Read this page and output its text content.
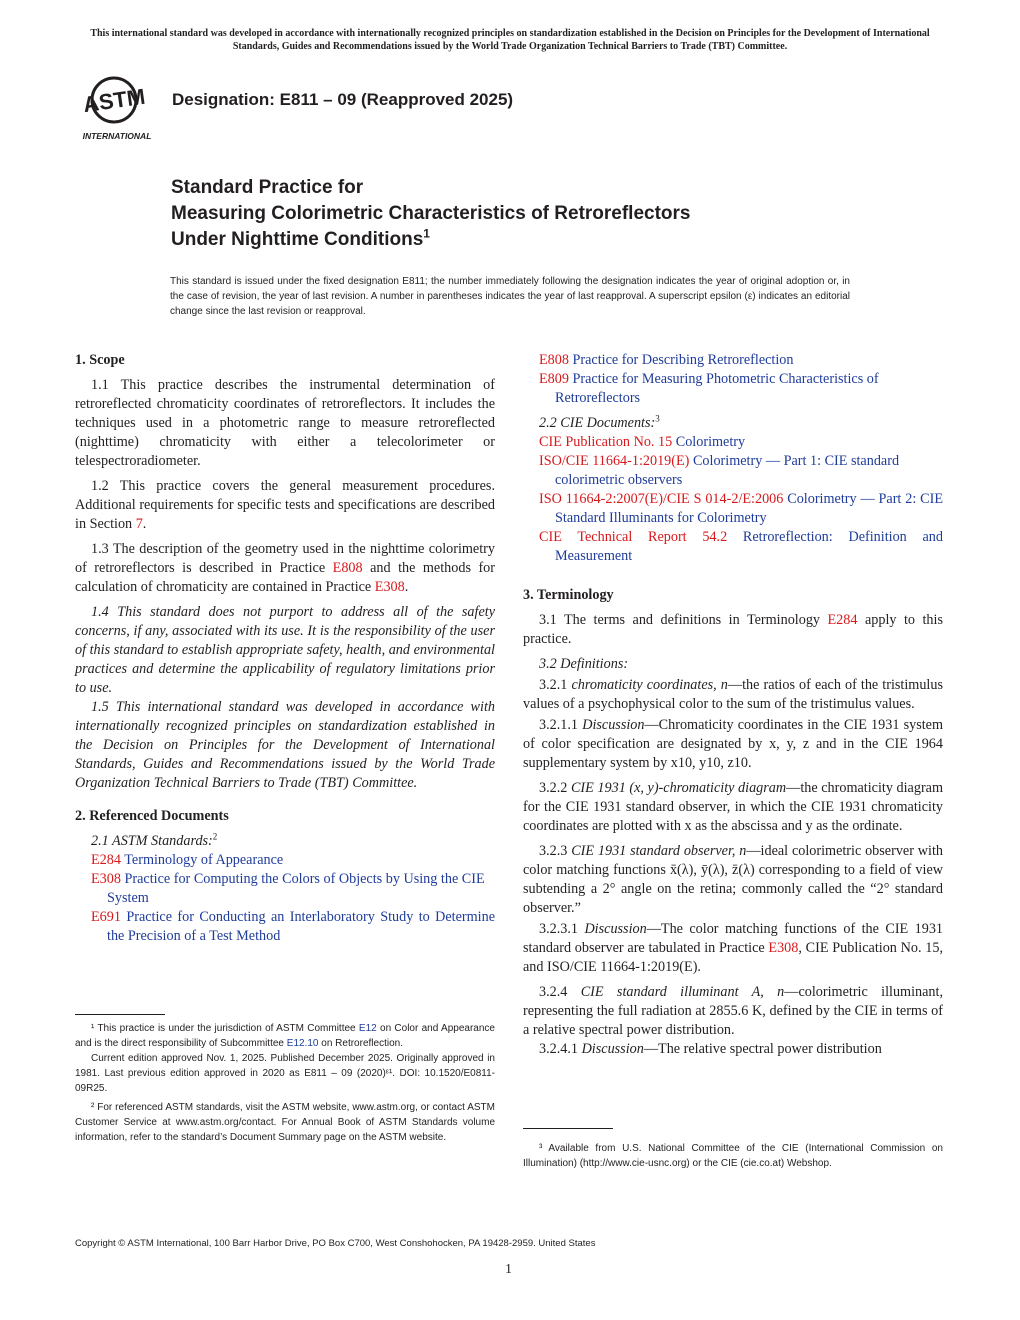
This international standard was developed in accordance with internationally recognized principles on standardization established in the Decision on Principles for the Development of International Standards, Guides and Recommendations issued by the World Trade Organization Technical Barriers to Trade (TBT) Committee.
ASTM
INTERNATIONAL
Designation: E811 – 09 (Reapproved 2025)
Standard Practice for
Measuring Colorimetric Characteristics of Retroreflectors
Under Nighttime Conditions$^1$
This standard is issued under the fixed designation E811; the number immediately following the designation indicates the year of original adoption or, in the case of revision, the year of last revision. A number in parentheses indicates the year of last reapproval. A superscript epsilon (ε) indicates an editorial change since the last revision or reapproval.
1. Scope

1.1 This practice describes the instrumental determination of retroreflected chromaticity coordinates of retroreflectors. It includes the techniques used in a photometric range to measure retroreflected (nighttime) chromaticity with either a telecolorimeter or telespectroradiometer.

1.2 This practice covers the general measurement procedures. Additional requirements for specific tests and specifications are described in Section 7.

1.3 The description of the geometry used in the nighttime colorimetry of retroreflectors is described in Practice E808 and the methods for calculation of chromaticity are contained in Practice E308.

1.4 This standard does not purport to address all of the safety concerns, if any, associated with its use. It is the responsibility of the user of this standard to establish appropriate safety, health, and environmental practices and determine the applicability of regulatory limitations prior to use.

1.5 This international standard was developed in accordance with internationally recognized principles on standardization established in the Decision on Principles for the Development of International Standards, Guides and Recommendations issued by the World Trade Organization Technical Barriers to Trade (TBT) Committee.

2. Referenced Documents

2.1 ASTM Standards:$^2$

E284 Terminology of Appearance

E308 Practice for Computing the Colors of Objects by Using the CIE System

E691 Practice for Conducting an Interlaboratory Study to Determine the Precision of a Test Method

¹ This practice is under the jurisdiction of ASTM Committee E12 on Color and Appearance and is the direct responsibility of Subcommittee E12.10 on Retroreflection.

Current edition approved Nov. 1, 2025. Published December 2025. Originally approved in 1981. Last previous edition approved in 2020 as E811 – 09 (2020)ᵋ¹. DOI: 10.1520/E0811-09R25.

² For referenced ASTM standards, visit the ASTM website, www.astm.org, or contact ASTM Customer Service at www.astm.org/contact. For Annual Book of ASTM Standards volume information, refer to the standard’s Document Summary page on the ASTM website.

E808 Practice for Describing Retroreflection

E809 Practice for Measuring Photometric Characteristics of Retroreflectors

2.2 CIE Documents:$^3$

CIE Publication No. 15 Colorimetry

ISO/CIE 11664-1:2019(E) Colorimetry — Part 1: CIE standard colorimetric observers

ISO 11664-2:2007(E)/CIE S 014-2/E:2006 Colorimetry — Part 2: CIE Standard Illuminants for Colorimetry

CIE Technical Report 54.2 Retroreflection: Definition and Measurement

3. Terminology

3.1 The terms and definitions in Terminology E284 apply to this practice.

3.2 Definitions:

3.2.1 chromaticity coordinates, n—the ratios of each of the tristimulus values of a psychophysical color to the sum of the tristimulus values.

3.2.1.1 Discussion—Chromaticity coordinates in the CIE 1931 system of color specification are designated by x, y, z and in the CIE 1964 supplementary system by x10, y10, z10.

3.2.2 CIE 1931 (x, y)-chromaticity diagram—the chromaticity diagram for the CIE 1931 standard observer, in which the CIE 1931 chromaticity coordinates are plotted with x as the abscissa and y as the ordinate.

3.2.3 CIE 1931 standard observer, n—ideal colorimetric observer with color matching functions x̄(λ), ȳ(λ), z̄(λ) corresponding to a field of view subtending a 2° angle on the retina; commonly called the “2° standard observer.”

3.2.3.1 Discussion—The color matching functions of the CIE 1931 standard observer are tabulated in Practice E308, CIE Publication No. 15, and ISO/CIE 11664-1:2019(E).

3.2.4 CIE standard illuminant A, n—colorimetric illuminant, representing the full radiation at 2855.6 K, defined by the CIE in terms of a relative spectral power distribution.

3.2.4.1 Discussion—The relative spectral power distribution

³ Available from U.S. National Committee of the CIE (International Commission on Illumination) (http://www.cie-usnc.org) or the CIE (cie.co.at) Webshop.

Copyright © ASTM International, 100 Barr Harbor Drive, PO Box C700, West Conshohocken, PA 19428-2959. United States
1
